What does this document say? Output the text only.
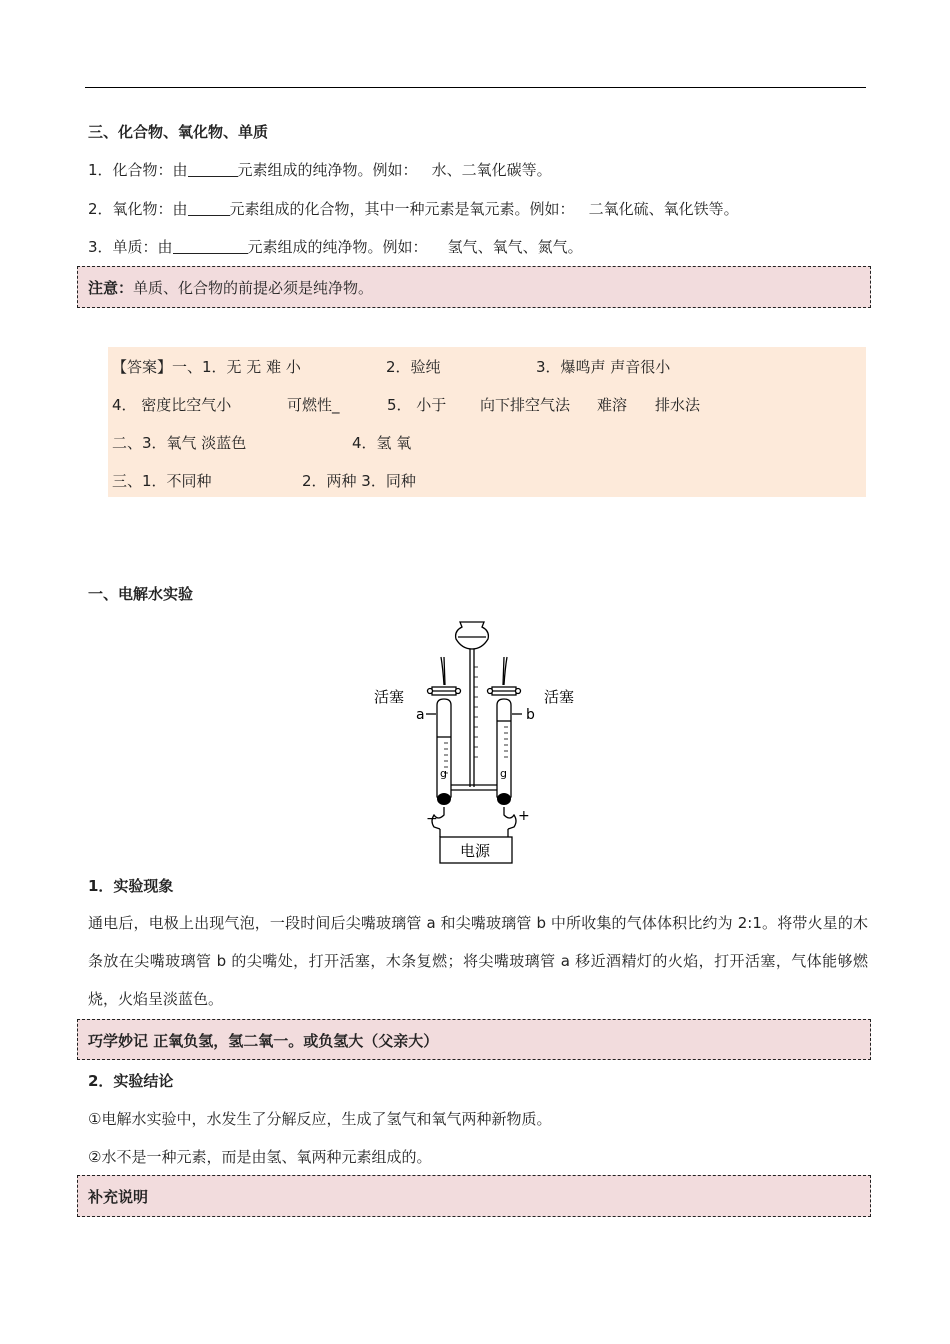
三、化合物、氧化物、单质
1．化合物：由	元素组成的纯净物。例如： 水、二氧化碳等。
2．氧化物：由	元素组成的化合物，其中一种元素是氧元素。例如： 二氧化硫、氧化铁等。
3．单质：由	元素组成的纯净物。例如： 氢气、氧气、氮气。
注意：单质、化合物的前提必须是纯净物。
【答案】一、1．无 无 难 小	2．验纯	3．爆鸣声 声音很小
4． 密度比空气小	可燃性_	5． 小于 向下排空气法 难溶 排水法
二、3．氧气 淡蓝色	4．氢 氧
三、1．不同种	2．两种 3．同种
一、电解水实验
g	g
活塞	活塞
a	b
−	+
电源
1．实验现象
通电后，电极上出现气泡，一段时间后尖嘴玻璃管 a 和尖嘴玻璃管 b 中所收集的气体体积比约为 2:1。将带火星的木条放在尖嘴玻璃管 b 的尖嘴处，打开活塞，木条复燃；将尖嘴玻璃管 a 移近酒精灯的火焰，打开活塞，气体能够燃烧，火焰呈淡蓝色。
巧学妙记 正氧负氢，氢二氧一。或负氢大（父亲大）
2．实验结论
①电解水实验中，水发生了分解反应，生成了氢气和氧气两种新物质。
②水不是一种元素，而是由氢、氧两种元素组成的。
补充说明
